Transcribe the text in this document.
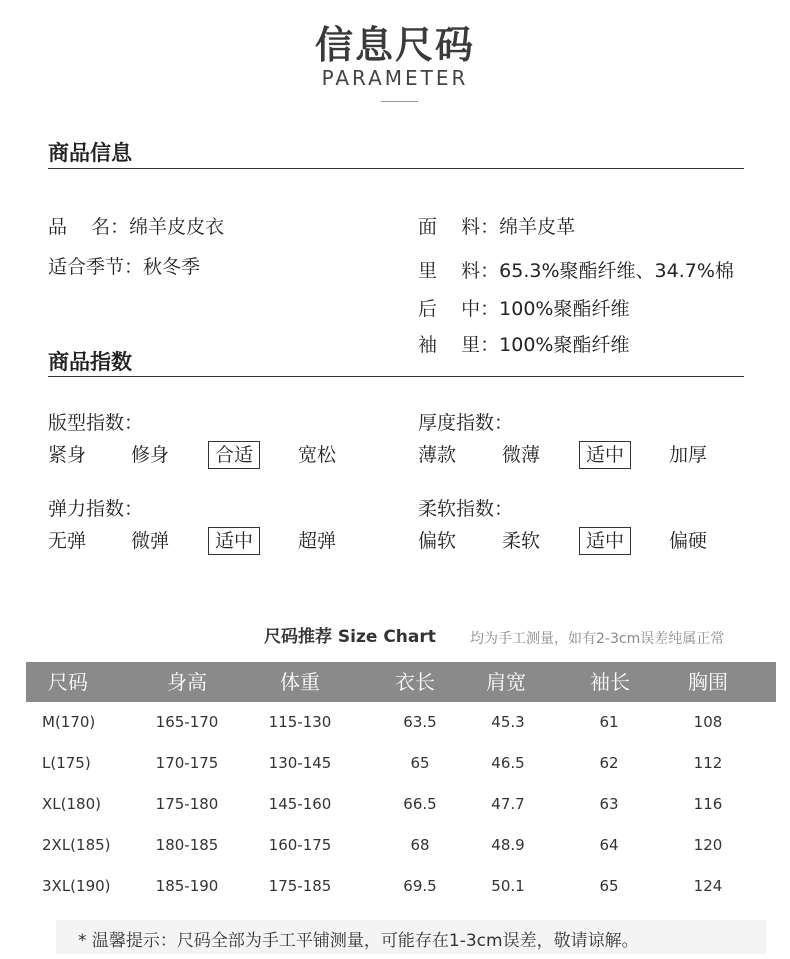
信息尺码
PARAMETER
商品信息
品    名：绵羊皮皮衣
适合季节：秋冬季
面    料：绵羊皮革
里    料：65.3%聚酯纤维、34.7%棉
后    中：100%聚酯纤维
袖    里：100%聚酯纤维
商品指数
版型指数：
紧身 修身	合适	宽松
厚度指数：
薄款 微薄	适中	加厚
弹力指数：
无弹 微弹	适中	超弹
柔软指数：
偏软 柔软	适中	偏硬
尺码推荐 Size Chart 均为手工测量，如有2-3cm误差纯属正常
尺码	身高	体重	衣长	肩宽	袖长	胸围
M(170)	165-170	115-130	63.5	45.3	61	108
L(175)	170-175	130-145	65	46.5	62	112
XL(180)	175-180	145-160	66.5	47.7	63	116
2XL(185)	180-185	160-175	68	48.9	64	120
3XL(190)	185-190	175-185	69.5	50.1	65	124
* 温馨提示：尺码全部为手工平铺测量，可能存在1-3cm误差，敬请谅解。
